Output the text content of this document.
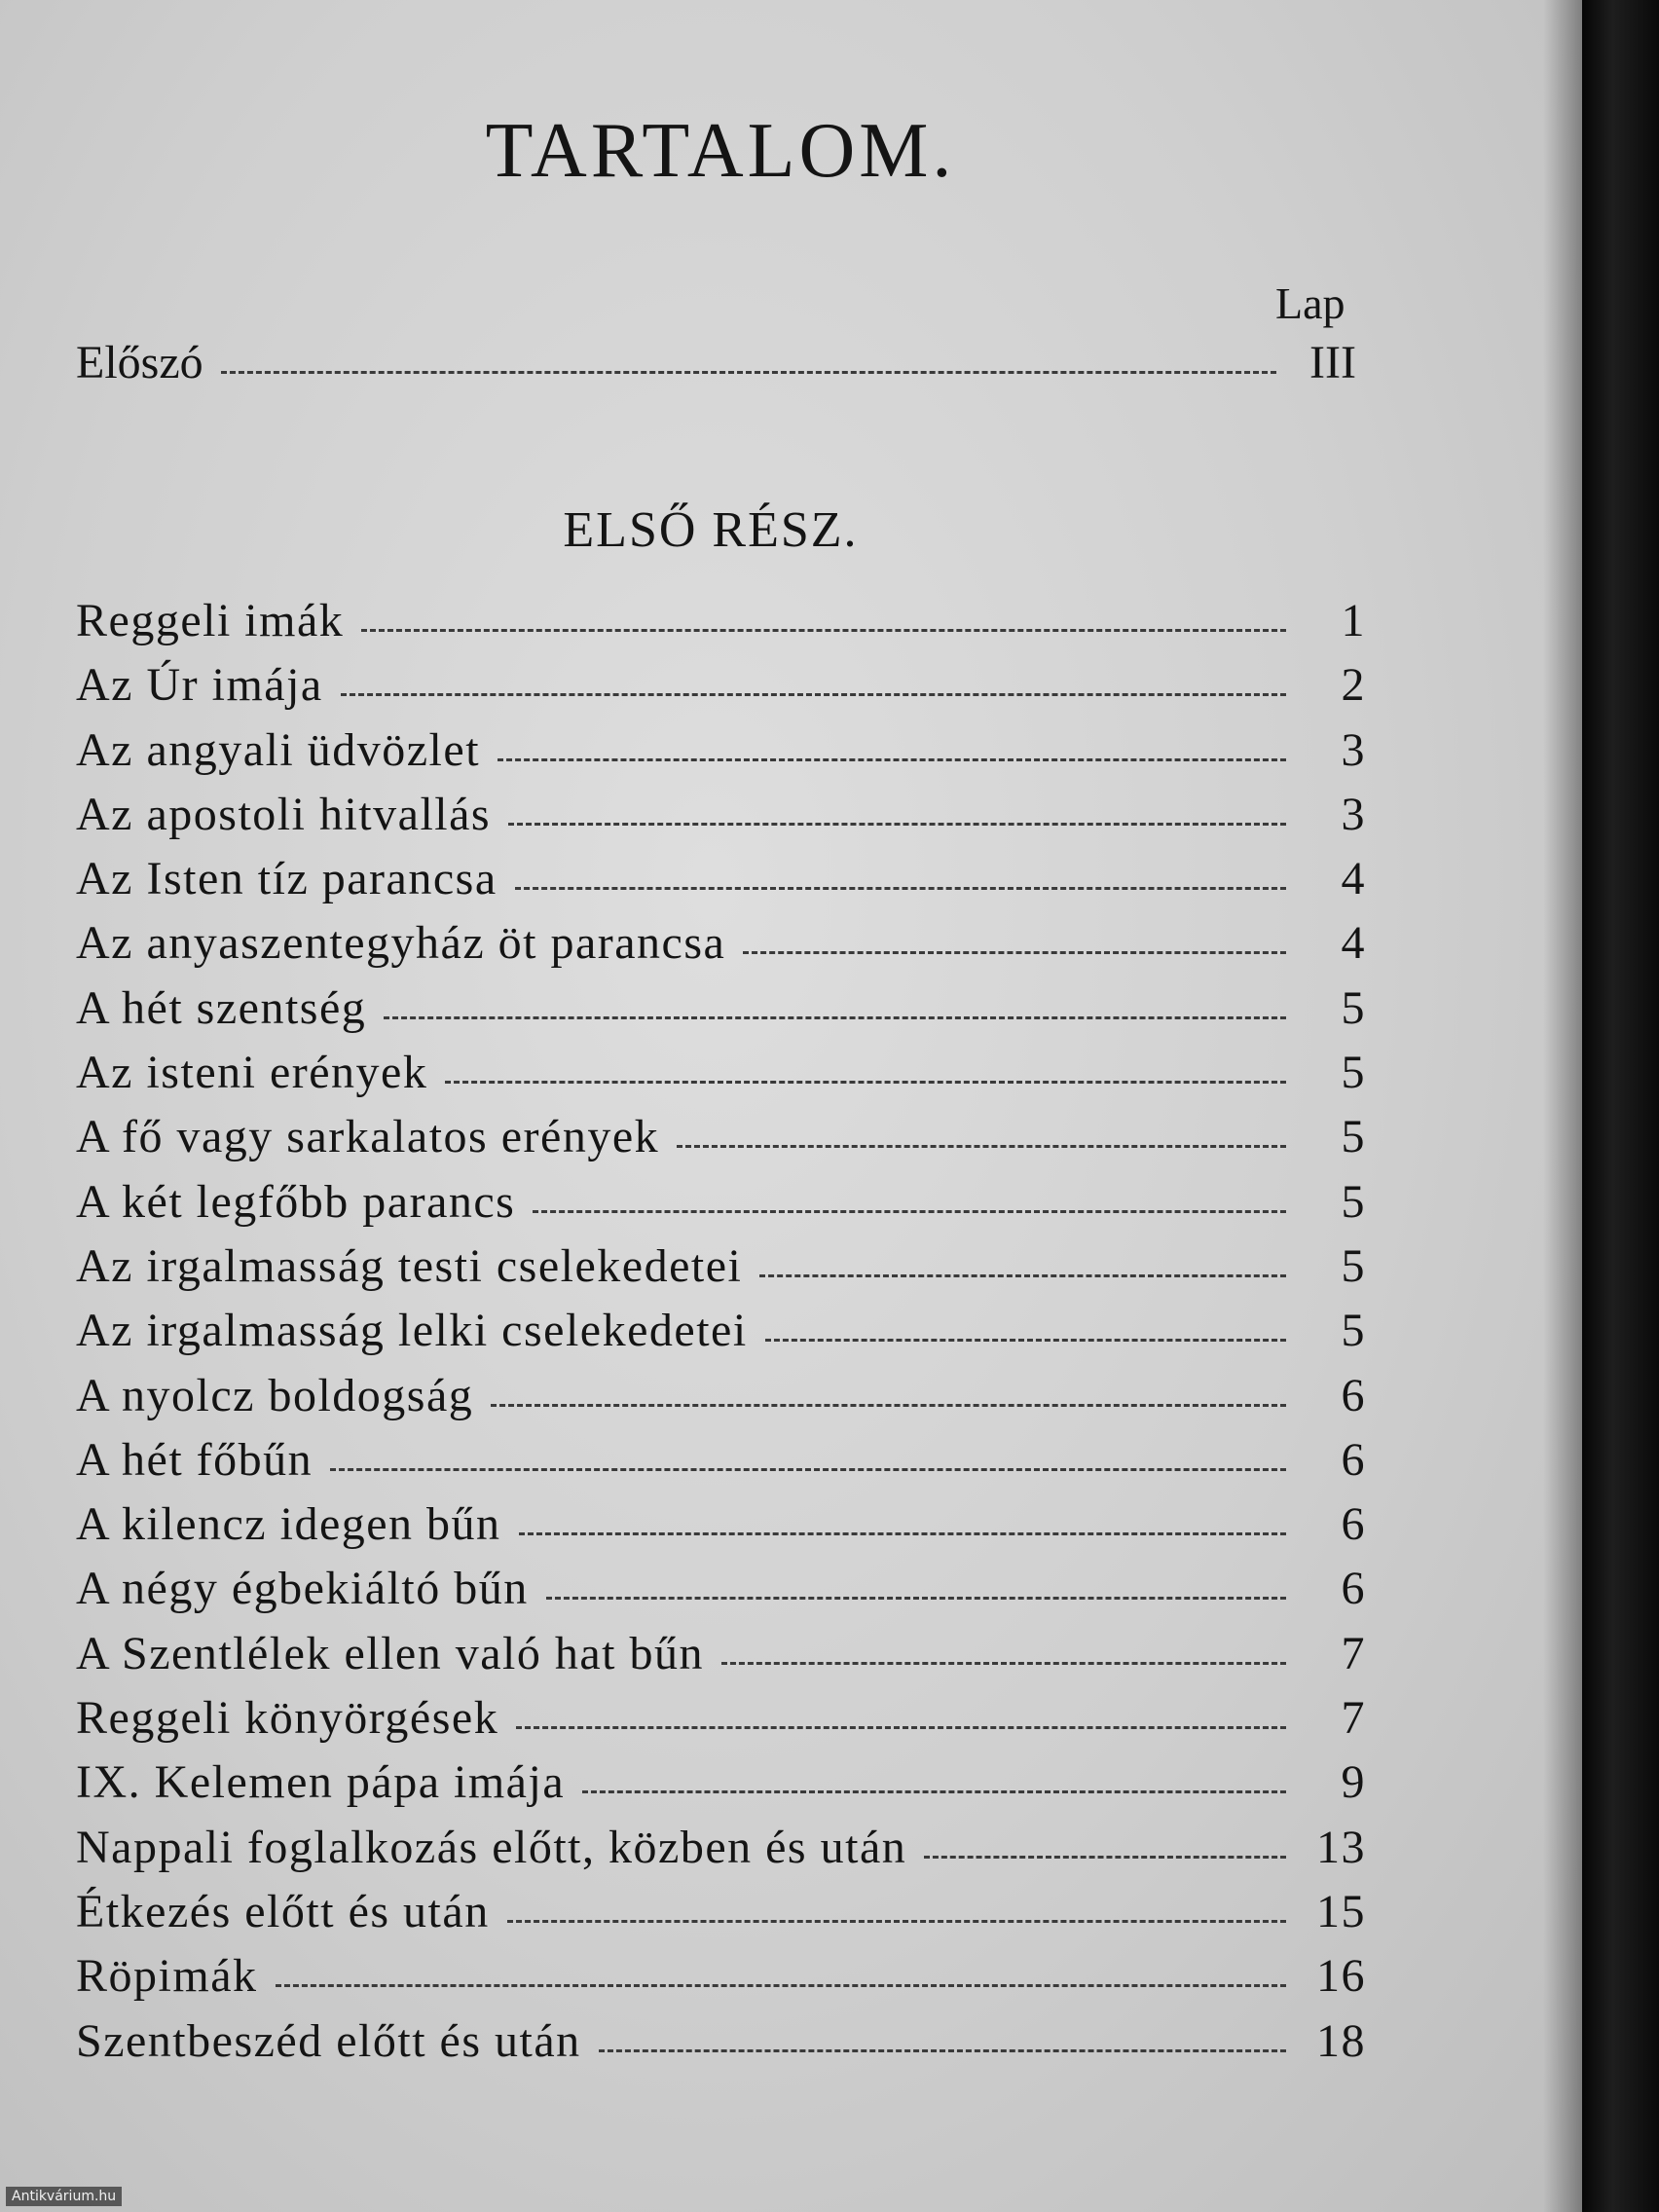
TARTALOM.
Lap
Előszó	III
ELSŐ RÉSZ.
Reggeli imák	1
Az Úr imája	2
Az angyali üdvözlet	3
Az apostoli hitvallás	3
Az Isten tíz parancsa	4
Az anyaszentegyház öt parancsa	4
A hét szentség	5
Az isteni erények	5
A fő vagy sarkalatos erények	5
A két legfőbb parancs	5
Az irgalmasság testi cselekedetei	5
Az irgalmasság lelki cselekedetei	5
A nyolcz boldogság	6
A hét főbűn	6
A kilencz idegen bűn	6
A négy égbekiáltó bűn	6
A Szentlélek ellen való hat bűn	7
Reggeli könyörgések	7
IX. Kelemen pápa imája	9
Nappali foglalkozás előtt, közben és után	13
Étkezés előtt és után	15
Röpimák	16
Szentbeszéd előtt és után	18
Antikvárium.hu
